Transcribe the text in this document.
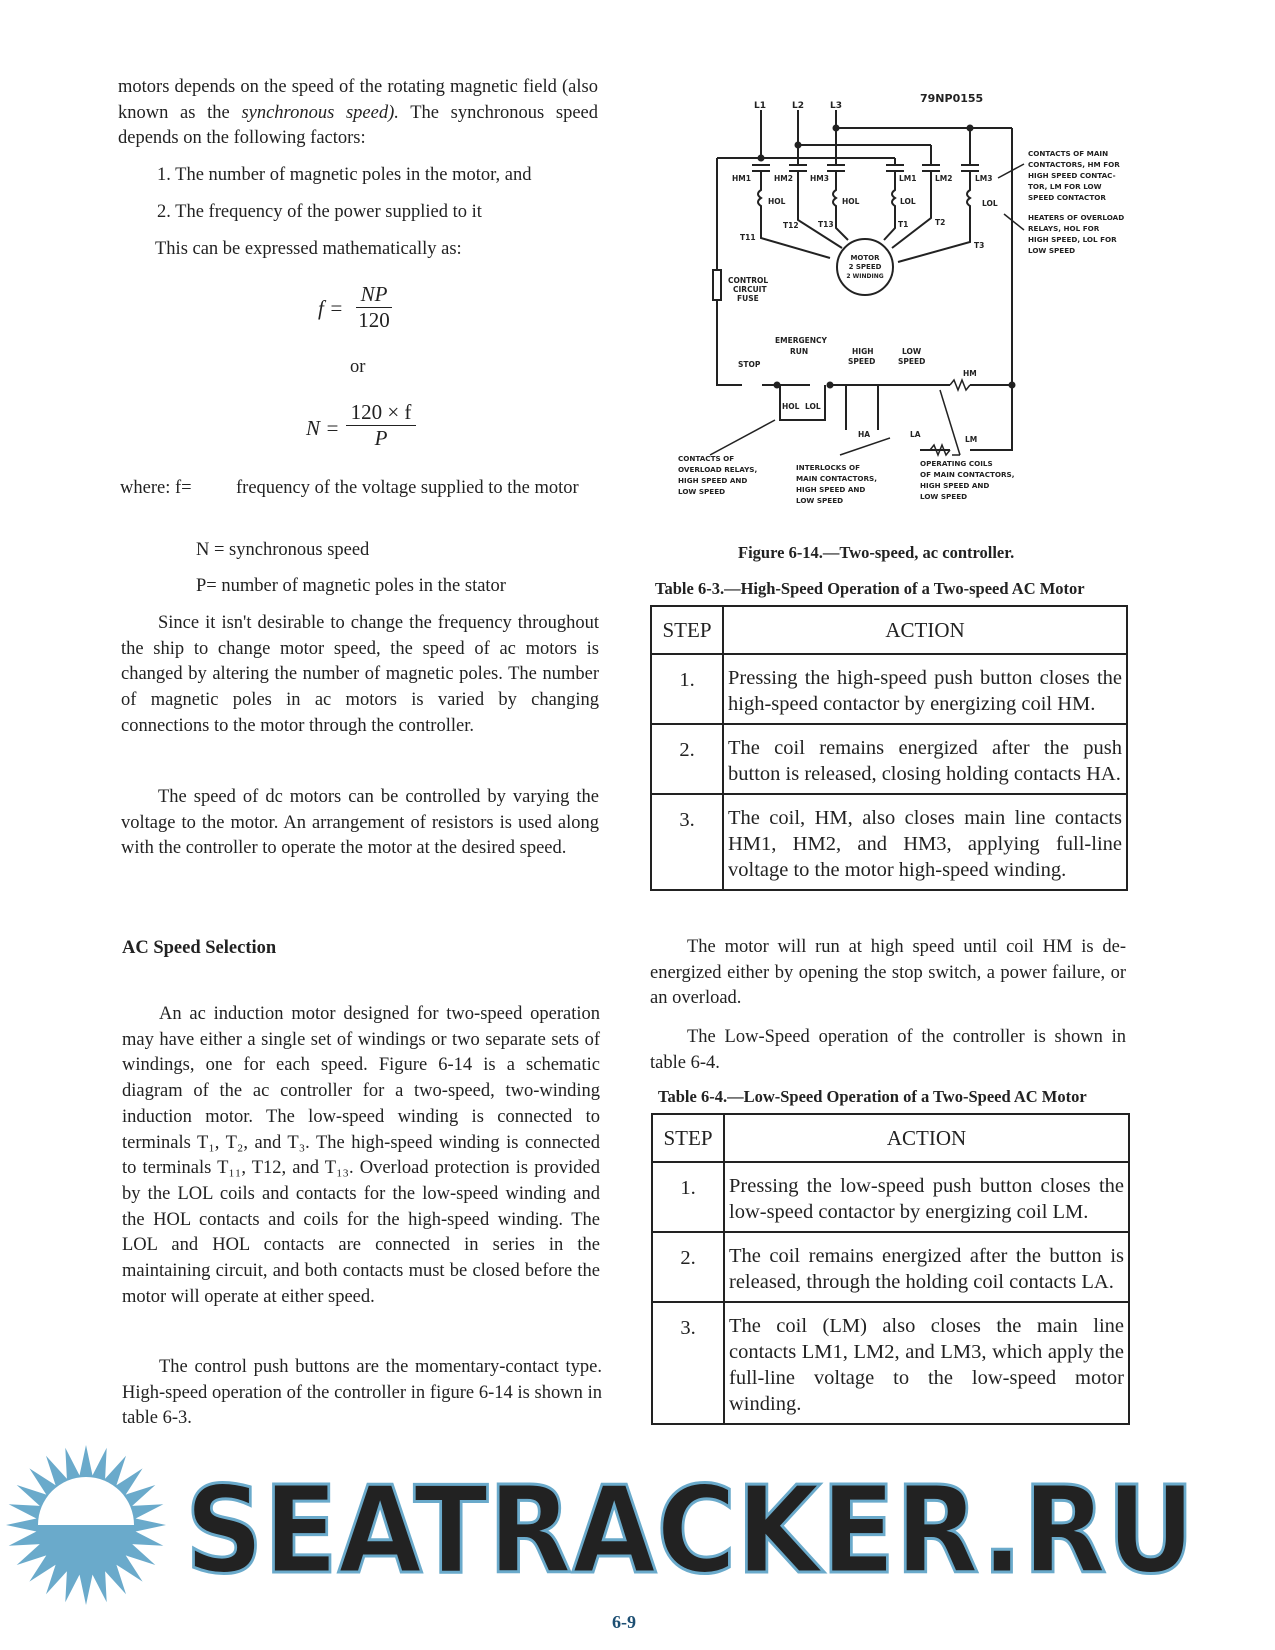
motors depends on the speed of the rotating magnetic field (also known as the synchronous speed). The synchronous speed depends on the following factors:
1. The number of magnetic poles in the motor, and
2. The frequency of the power supplied to it
This can be expressed mathematically as:
$f = \frac{NP}{120}$
or
$N = \frac{120 \times f}{P}$
where: f= frequency of the voltage supplied to the motor
N = synchronous speed
P= number of magnetic poles in the stator
Since it isn't desirable to change the frequency throughout the ship to change motor speed, the speed of ac motors is changed by altering the number of magnetic poles. The number of magnetic poles in ac motors is varied by changing connections to the motor through the controller.
The speed of dc motors can be controlled by varying the voltage to the motor. An arrangement of resistors is used along with the controller to operate the motor at the desired speed.
AC Speed Selection
An ac induction motor designed for two-speed operation may have either a single set of windings or two separate sets of windings, one for each speed. Figure 6-14 is a schematic diagram of the ac controller for a two-speed, two-winding induction motor. The low-speed winding is connected to terminals T₁, T₂, and T₃. The high-speed winding is connected to terminals T₁₁, T12, and T₁₃. Overload protection is provided by the LOL coils and contacts for the low-speed winding and the HOL contacts and coils for the high-speed winding. The LOL and HOL contacts are connected in series in the maintaining circuit, and both contacts must be closed before the motor will operate at either speed.
The control push buttons are the momentary-contact type. High-speed operation of the controller in figure 6-14 is shown in table 6-3.
79NP0155
L1	L2	L3
HM1	HM2 HM3	LM1 LM2	LM3
HOL	HOL	LOL	LOL
T11
T12	T13	T1	T2
T3
MOTOR
2 SPEED
2 WINDING
CONTROL
CIRCUIT
FUSE
STOP
EMERGENCY
RUN	HIGH
SPEED
LOW
SPEED
HOL LOL
HA	LA
HM
LM
CONTACTS OF MAIN
CONTACTORS, HM FOR
HIGH SPEED CONTAC-
TOR, LM FOR LOW
SPEED CONTACTOR
HEATERS OF OVERLOAD
RELAYS, HOL FOR
HIGH SPEED, LOL FOR
LOW SPEED
CONTACTS OF
OVERLOAD RELAYS,
HIGH SPEED AND
LOW SPEED
INTERLOCKS OF
MAIN CONTACTORS,
HIGH SPEED AND
LOW SPEED
OPERATING COILS
OF MAIN CONTACTORS,
HIGH SPEED AND
LOW SPEED
Figure 6-14.—Two-speed, ac controller.
Table 6-3.—High-Speed Operation of a Two-speed AC Motor
STEP	ACTION
1.	Pressing the high-speed push button closes the high-speed contactor by energizing coil HM.
2.	The coil remains energized after the push button is released, closing holding contacts HA.
3.	The coil, HM, also closes main line contacts HM1, HM2, and HM3, applying full-line voltage to the motor high-speed winding.
The motor will run at high speed until coil HM is de-energized either by opening the stop switch, a power failure, or an overload.
The Low-Speed operation of the controller is shown in table 6-4.
Table 6-4.—Low-Speed Operation of a Two-Speed AC Motor
STEP	ACTION
1.	Pressing the low-speed push button closes the low-speed contactor by energizing coil LM.
2.	The coil remains energized after the button is released, through the holding coil contacts LA.
3.	The coil (LM) also closes the main line contacts LM1, LM2, and LM3, which apply the full-line voltage to the low-speed motor winding.
SEATRACKER.RU
6-9
